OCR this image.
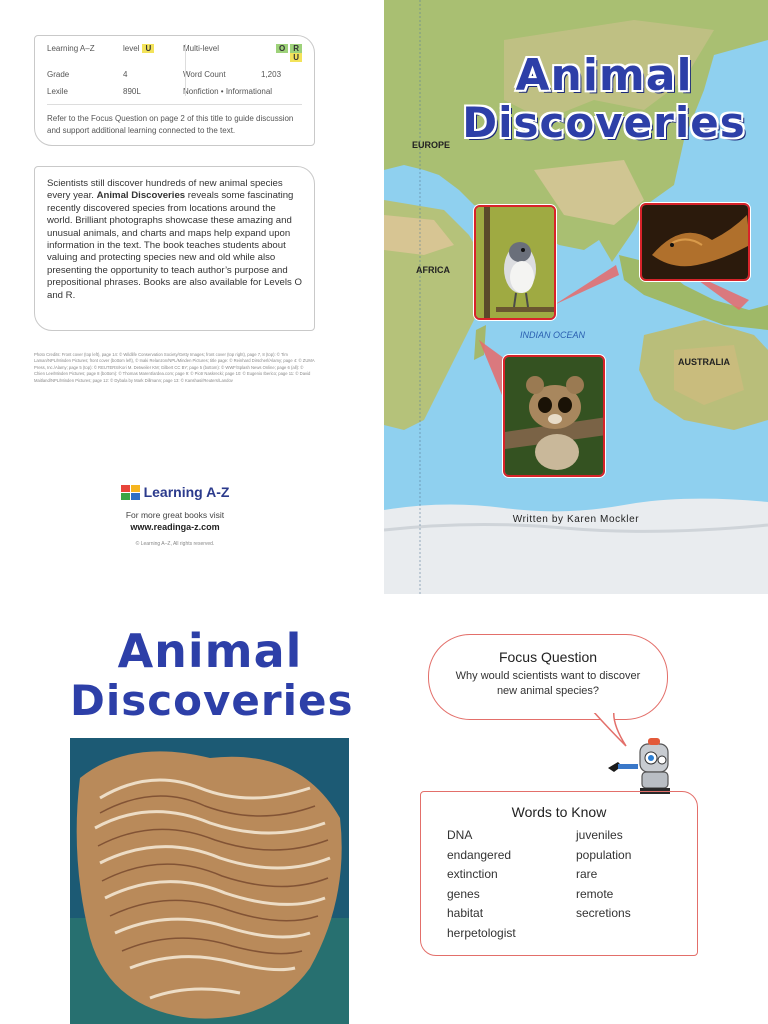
Learning A–Z	level U	Multi-level	O RU
Grade	4	Word Count	1,203
Lexile	890L	Nonfiction • Informational
Refer to the Focus Question on page 2 of this title to guide discussion and support additional learning connected to the text.
Scientists still discover hundreds of new animal species every year. Animal Discoveries reveals some fascinating recently discovered species from locations around the world. Brilliant photographs showcase these amazing and unusual animals, and charts and maps help expand upon information in the text. The book teaches students about valuing and protecting species new and old while also presenting the opportunity to teach author’s purpose and prepositional phrases. Books are also available for Levels O and R.
Photo Credits: Front cover (top left), page 14: © Wildlife Conservation Society/Getty Images; front cover (top right), page 7, 8 (top): © Tim Laman/NPL/Minden Pictures; front cover (bottom left), © Inaki Relanzon/NPL/Minden Pictures; title page: © Reinhard Dirscherl/Alamy; page 4: © ZUMA Press, Inc./Alamy; page 5 (top): © REUTERS/Kori M. Detweiler KM; Gilbert CC BY; page 5 (bottom): © WWF/Splash News Online; page 6 (all): © Chien Lee/Minden Pictures; page 8 (bottom): © Thomas Marent/ardea.com; page 9: © Piotr Naskrecki; page 10: © Eugenio Iberico; page 11: © David Maitland/NPL/Minden Pictures; page 12: © Dybala by Mark Dillmann; page 13: © Kanshasi/Reuters/Landov
Learning A-Z
For more great books visit
www.readinga-z.com
© Learning A–Z, All rights reserved.
Animal
Discoveries
EUROPE
AFRICA
AUSTRALIA
INDIAN OCEAN
Written by Karen Mockler
Animal
Discoveries
Focus Question
Why would scientists want to discover new animal species?
Words to Know
DNA
endangered
extinction
genes
habitat
herpetologist
juveniles
population
rare
remote
secretions
